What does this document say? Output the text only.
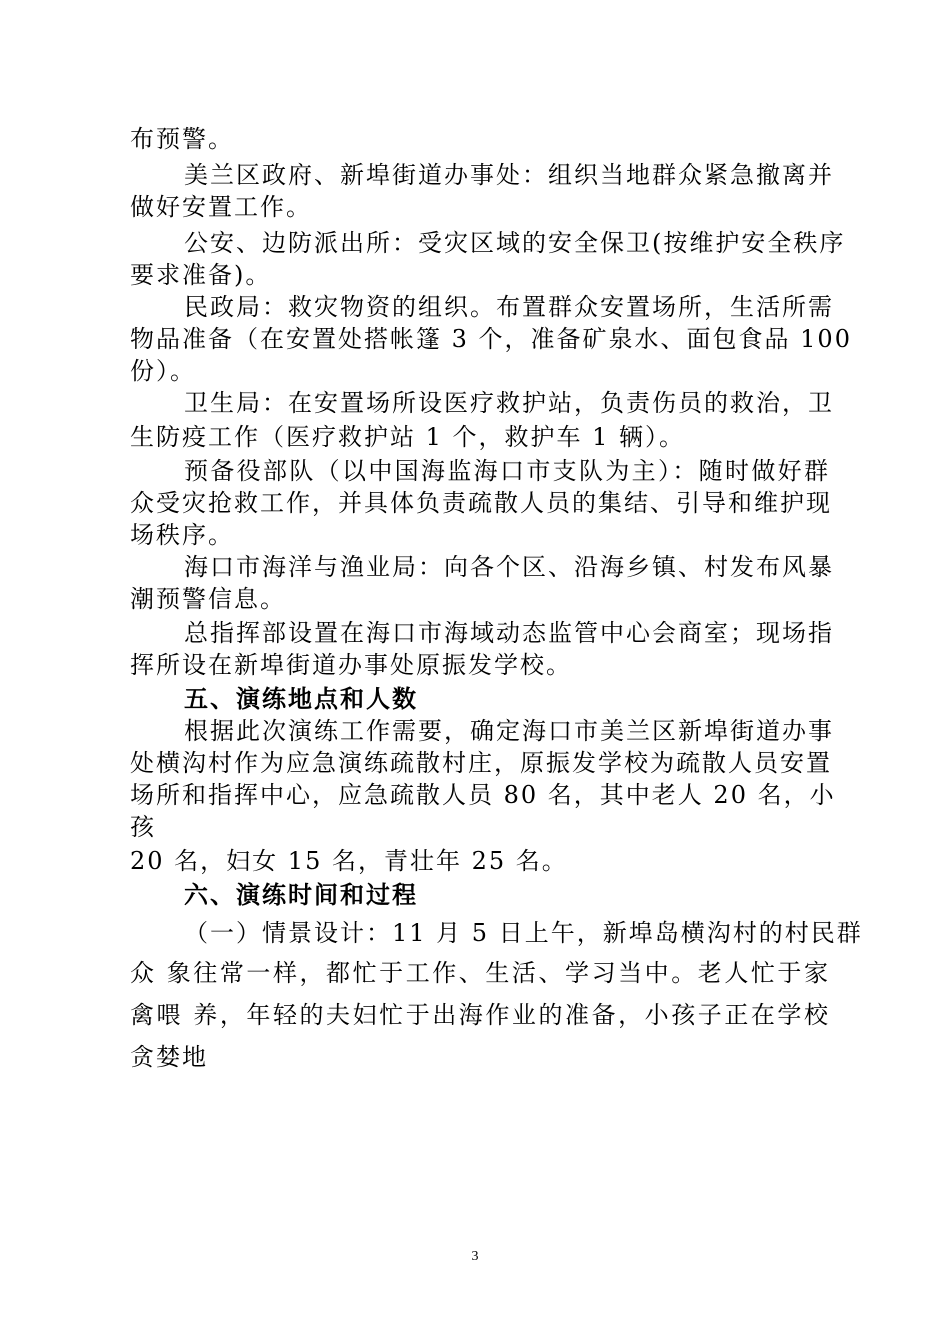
布预警。
美兰区政府、新埠街道办事处：组织当地群众紧急撤离并
做好安置工作。
公安、边防派出所：受灾区域的安全保卫(按维护安全秩序
要求准备)。
民政局：救灾物资的组织。布置群众安置场所，生活所需
物品准备（在安置处搭帐篷 3 个，准备矿泉水、面包食品 100
份）。
卫生局：在安置场所设医疗救护站，负责伤员的救治，卫
生防疫工作（医疗救护站 1 个，救护车 1 辆）。
预备役部队（以中国海监海口市支队为主）：随时做好群
众受灾抢救工作，并具体负责疏散人员的集结、引导和维护现
场秩序。
海口市海洋与渔业局：向各个区、沿海乡镇、村发布风暴
潮预警信息。
总指挥部设置在海口市海域动态监管中心会商室；现场指
挥所设在新埠街道办事处原振发学校。
五、演练地点和人数
根据此次演练工作需要，确定海口市美兰区新埠街道办事
处横沟村作为应急演练疏散村庄，原振发学校为疏散人员安置
场所和指挥中心，应急疏散人员 80 名，其中老人 20 名，小
孩
20 名，妇女 15 名，青壮年 25 名。
六、演练时间和过程
（一）情景设计：11 月 5 日上午，新埠岛横沟村的村民群
众 象往常一样，都忙于工作、生活、学习当中。老人忙于家
禽喂 养，年轻的夫妇忙于出海作业的准备，小孩子正在学校
贪婪地
3
